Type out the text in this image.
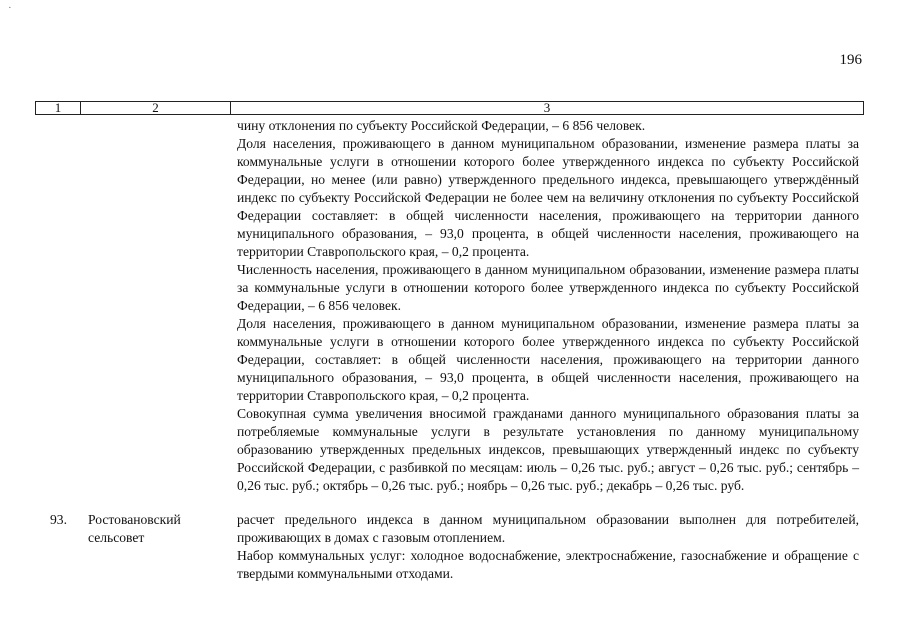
·
196
1	2	3

чину отклонения по субъекту Российской Федерации, – 6 856 человек.

Доля населения, проживающего в данном муниципальном образовании, изменение размера платы за коммунальные услуги в отношении которого более утвержденного индекса по субъекту Российской Федерации, но менее (или равно) утвержденного предельного индекса, превышающего утверждённый индекс по субъекту Российской Федерации не более чем на величину отклонения по субъекту Российской Федерации составляет: в общей численности населения, проживающего на территории данного муниципального образования, – 93,0 процента, в общей численности населения, проживающего на территории Ставропольского края, – 0,2 процента.

Численность населения, проживающего в данном муниципальном образовании, изменение размера платы за коммунальные услуги в отношении которого более утвержденного индекса по субъекту Российской Федерации, – 6 856 человек.

Доля населения, проживающего в данном муниципальном образовании, изменение размера платы за коммунальные услуги в отношении которого более утвержденного индекса по субъекту Российской Федерации, составляет: в общей численности населения, проживающего на территории данного муниципального образования, – 93,0 процента, в общей численности населения, проживающего на территории Ставропольского края, – 0,2 процента.

Совокупная сумма увеличения вносимой гражданами данного муниципального образования платы за потребляемые коммунальные услуги в результате установления по данному муниципальному образованию утвержденных предельных индексов, превышающих утвержденный индекс по субъекту Российской Федерации, с разбивкой по месяцам: июль – 0,26 тыс. руб.; август – 0,26 тыс. руб.; сентябрь – 0,26 тыс. руб.; октябрь – 0,26 тыс. руб.; ноябрь – 0,26 тыс. руб.; декабрь – 0,26 тыс. руб.

93. Ростовановский сельсовет

расчет предельного индекса в данном муниципальном образовании выполнен для потребителей, проживающих в домах с газовым отоплением.

Набор коммунальных услуг: холодное водоснабжение, электроснабжение, газоснабжение и обращение с твердыми коммунальными отходами.
